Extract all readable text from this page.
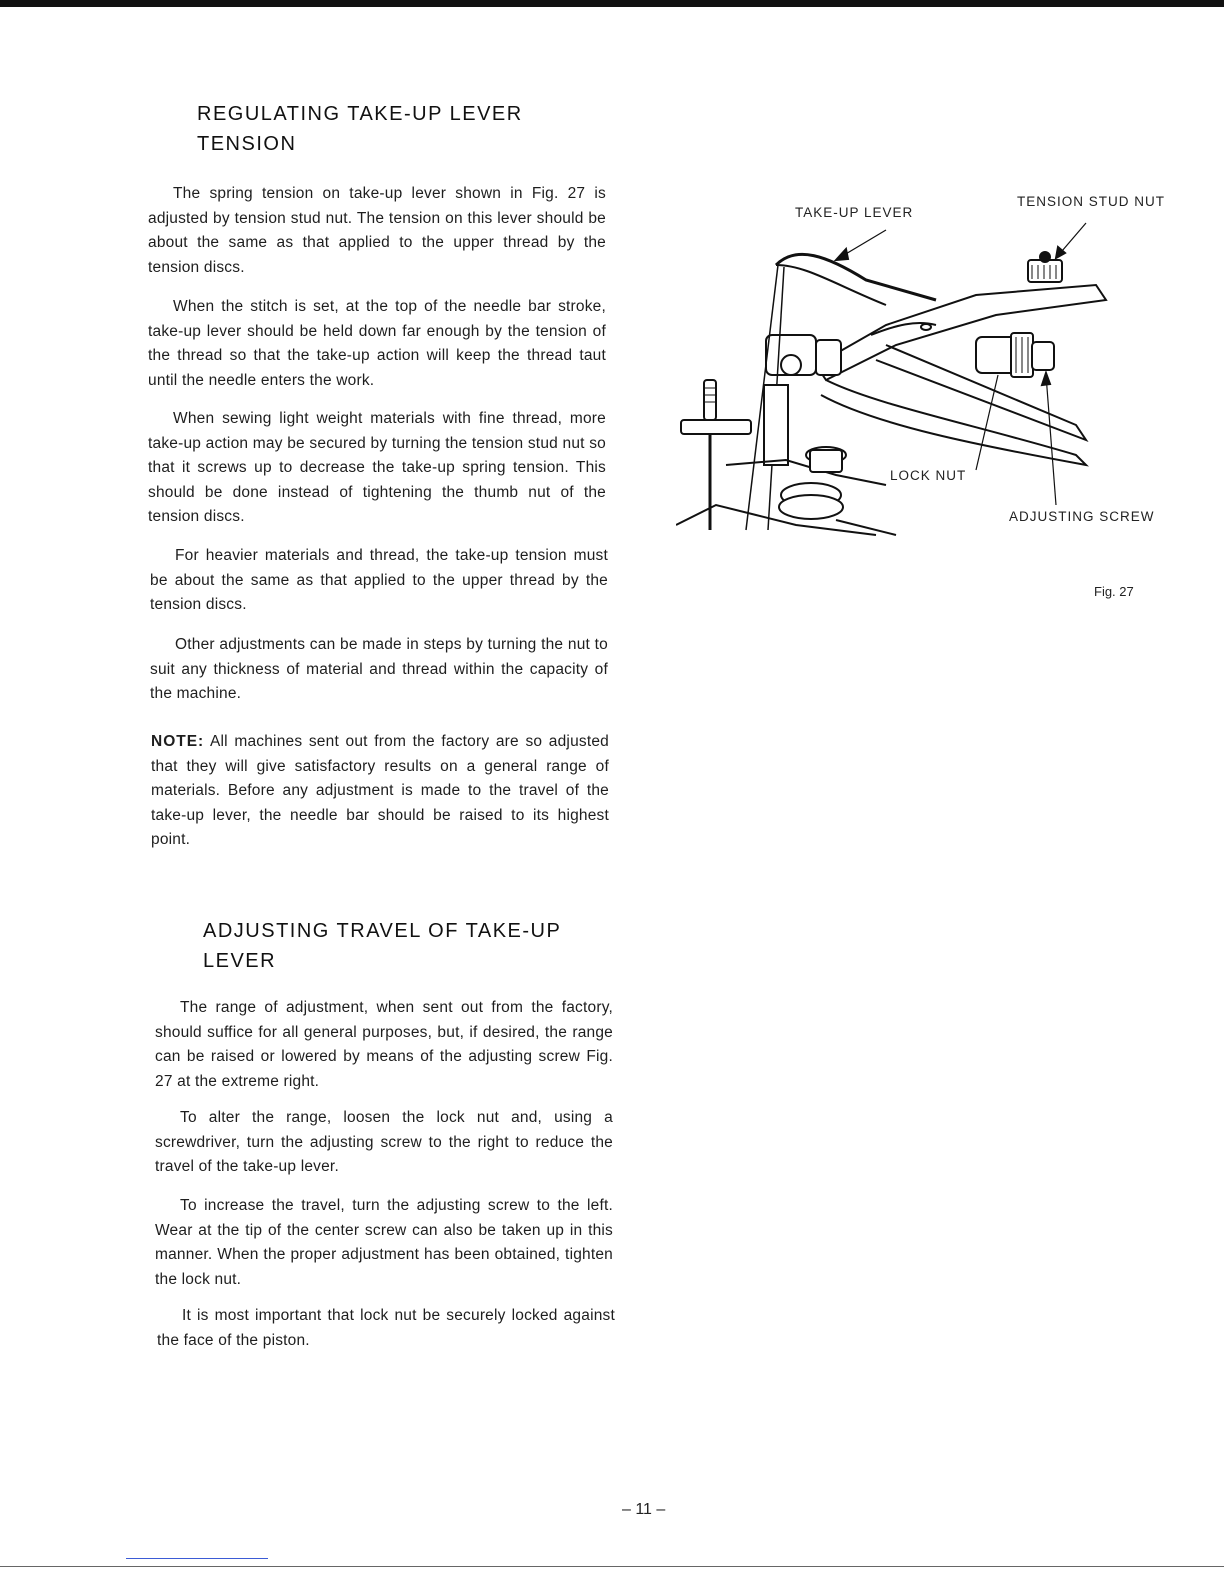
REGULATING TAKE-UP LEVER
TENSION

The spring tension on take-up lever shown in Fig. 27 is adjusted by tension stud nut. The tension on this lever should be about the same as that applied to the upper thread by the tension discs.

When the stitch is set, at the top of the needle bar stroke, take-up lever should be held down far enough by the tension of the thread so that the take-up action will keep the thread taut until the needle enters the work.

When sewing light weight materials with fine thread, more take-up action may be secured by turning the tension stud nut so that it screws up to decrease the take-up spring tension. This should be done instead of tightening the thumb nut of the tension discs.

For heavier materials and thread, the take-up tension must be about the same as that applied to the upper thread by the tension discs.

Other adjustments can be made in steps by turning the nut to suit any thickness of material and thread within the capacity of the machine.

NOTE: All machines sent out from the factory are so adjusted that they will give satisfactory results on a general range of materials. Before any adjustment is made to the travel of the take-up lever, the needle bar should be raised to its highest point.

ADJUSTING TRAVEL OF TAKE-UP
LEVER

The range of adjustment, when sent out from the factory, should suffice for all general purposes, but, if desired, the range can be raised or lowered by means of the adjusting screw Fig. 27 at the extreme right.

To alter the range, loosen the lock nut and, using a screwdriver, turn the adjusting screw to the right to reduce the travel of the take-up lever.

To increase the travel, turn the adjusting screw to the left. Wear at the tip of the center screw can also be taken up in this manner. When the proper adjustment has been obtained, tighten the lock nut.

It is most important that lock nut be securely locked against the face of the piston.

TAKE-UP LEVER
TENSION STUD NUT
LOCK NUT
ADJUSTING SCREW
Fig. 27
– 11 –
